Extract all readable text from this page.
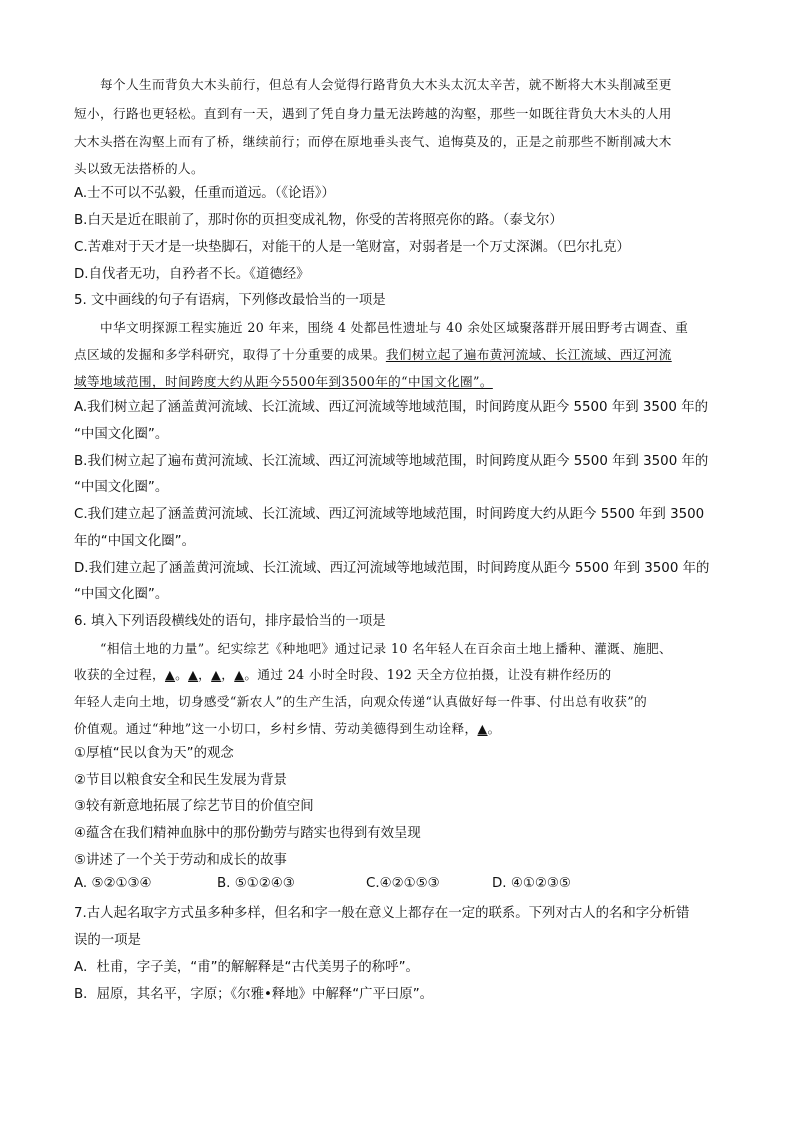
每个人生而背负大木头前行，但总有人会觉得行路背负大木头太沉太辛苦，就不断将大木头削减至更
短小，行路也更轻松。直到有一天，遇到了凭自身力量无法跨越的沟壑，那些一如既往背负大木头的人用
大木头搭在沟壑上而有了桥，继续前行；而停在原地垂头丧气、追悔莫及的，正是之前那些不断削减大木
头以致无法搭桥的人。
A.士不可以不弘毅，任重而道远。（《论语》）
B.白天是近在眼前了，那时你的页担变成礼物，你受的苦将照亮你的路。（泰戈尔）
C.苦难对于天才是一块垫脚石，对能干的人是一笔财富，对弱者是一个万丈深渊。（巴尔扎克）
D.自伐者无功，自矜者不长。《道德经》
5. 文中画线的句子有语病，下列修改最恰当的一项是
中华文明探源工程实施近 20 年来，围绕 4 处都邑性遗址与 40 余处区域聚落群开展田野考古调查、重
点区域的发掘和多学科研究，取得了十分重要的成果。我们树立起了遍布黄河流域、长江流域、西辽河流
域等地域范围，时间跨度大约从距今5500年到3500年的“中国文化圈”。
A.我们树立起了涵盖黄河流域、长江流域、西辽河流域等地域范围，时间跨度从距今 5500 年到 3500 年的
“中国文化圈”。
B.我们树立起了遍布黄河流域、长江流域、西辽河流域等地域范围，时间跨度从距今 5500 年到 3500 年的
“中国文化圈”。
C.我们建立起了涵盖黄河流域、长江流域、西辽河流域等地域范围，时间跨度大约从距今 5500 年到 3500
年的“中国文化圈”。
D.我们建立起了涵盖黄河流域、长江流域、西辽河流域等地域范围，时间跨度从距今 5500 年到 3500 年的
“中国文化圈”。
6. 填入下列语段横线处的语句，排序最恰当的一项是
“相信土地的力量”。纪实综艺《种地吧》通过记录 10 名年轻人在百余亩土地上播种、灌溉、施肥、
收获的全过程，▲。▲，▲，▲。通过 24 小时全时段、192 天全方位拍摄，让没有耕作经历的
年轻人走向土地，切身感受“新农人”的生产生活，向观众传递“认真做好每一件事、付出总有收获”的
价值观。通过“种地”这一小切口，乡村乡情、劳动美德得到生动诠释，▲。
①厚植“民以食为天”的观念
②节目以粮食安全和民生发展为背景
③较有新意地拓展了综艺节目的价值空间
④蕴含在我们精神血脉中的那份勤劳与踏实也得到有效呈现
⑤讲述了一个关于劳动和成长的故事
A. ⑤②①③④	B. ⑤①②④③	C.④②①⑤③	D. ④①②③⑤
7.古人起名取字方式虽多种多样，但名和字一般在意义上都存在一定的联系。下列对古人的名和字分析错
误的一项是
A．杜甫，字子美，“甫”的解解释是“古代美男子的称呼”。
B．屈原，其名平，字原；《尔雅•释地》中解释“广平曰原”。
